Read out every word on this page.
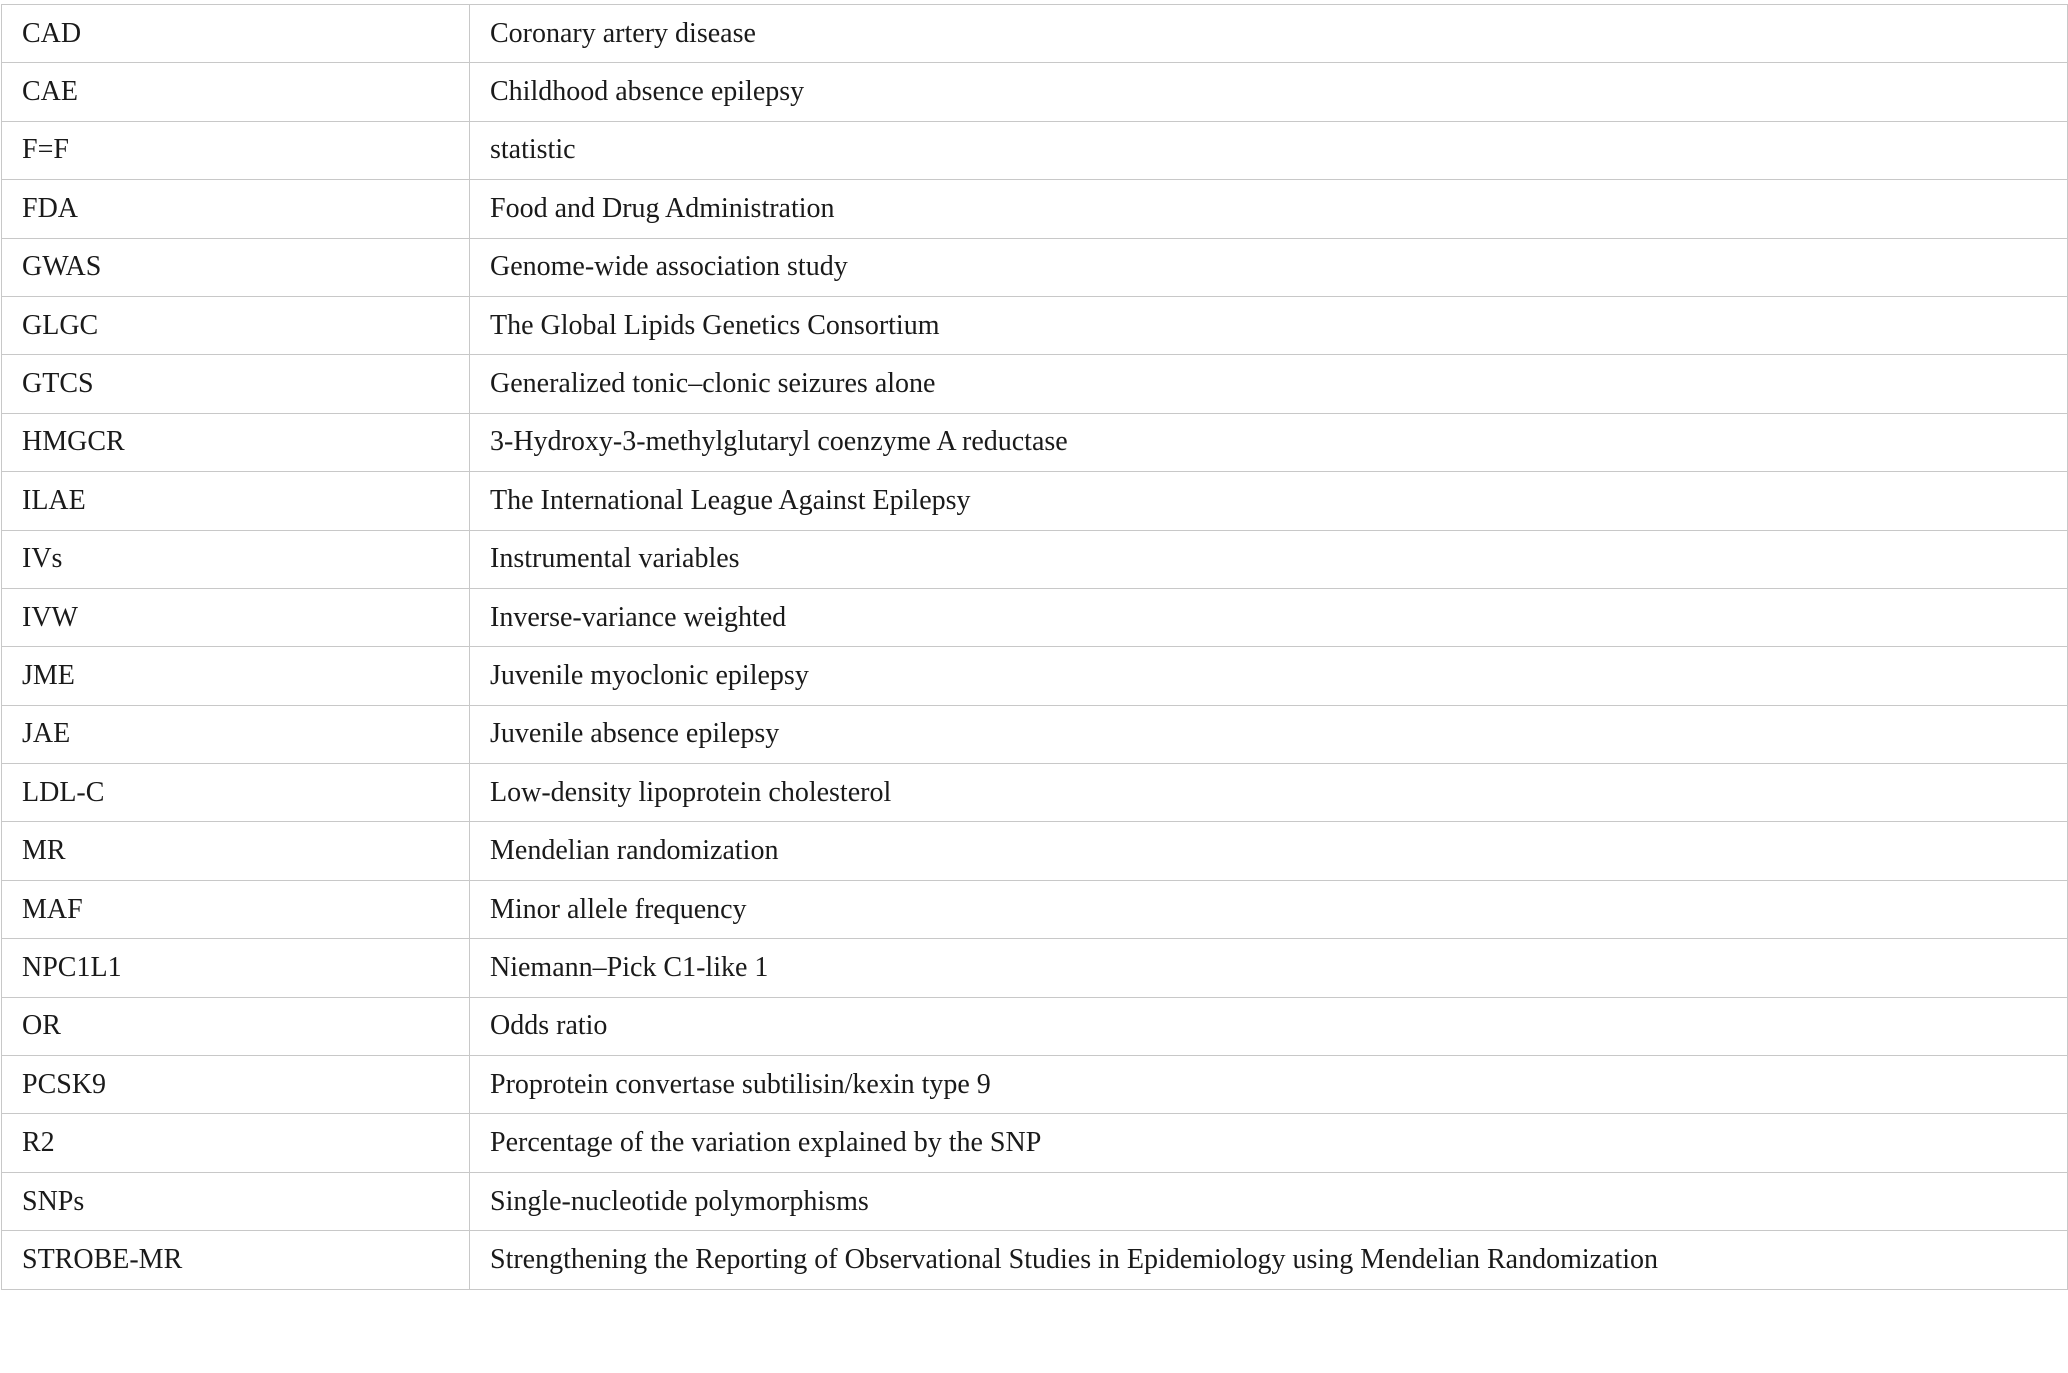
CAD	Coronary artery disease
CAE	Childhood absence epilepsy
F=F	statistic
FDA	Food and Drug Administration
GWAS	Genome-wide association study
GLGC	The Global Lipids Genetics Consortium
GTCS	Generalized tonic–clonic seizures alone
HMGCR	3-Hydroxy-3-methylglutaryl coenzyme A reductase
ILAE	The International League Against Epilepsy
IVs	Instrumental variables
IVW	Inverse-variance weighted
JME	Juvenile myoclonic epilepsy
JAE	Juvenile absence epilepsy
LDL-C	Low-density lipoprotein cholesterol
MR	Mendelian randomization
MAF	Minor allele frequency
NPC1L1	Niemann–Pick C1-like 1
OR	Odds ratio
PCSK9	Proprotein convertase subtilisin/kexin type 9
R2	Percentage of the variation explained by the SNP
SNPs	Single-nucleotide polymorphisms
STROBE-MR	Strengthening the Reporting of Observational Studies in Epidemiology using Mendelian Randomization
